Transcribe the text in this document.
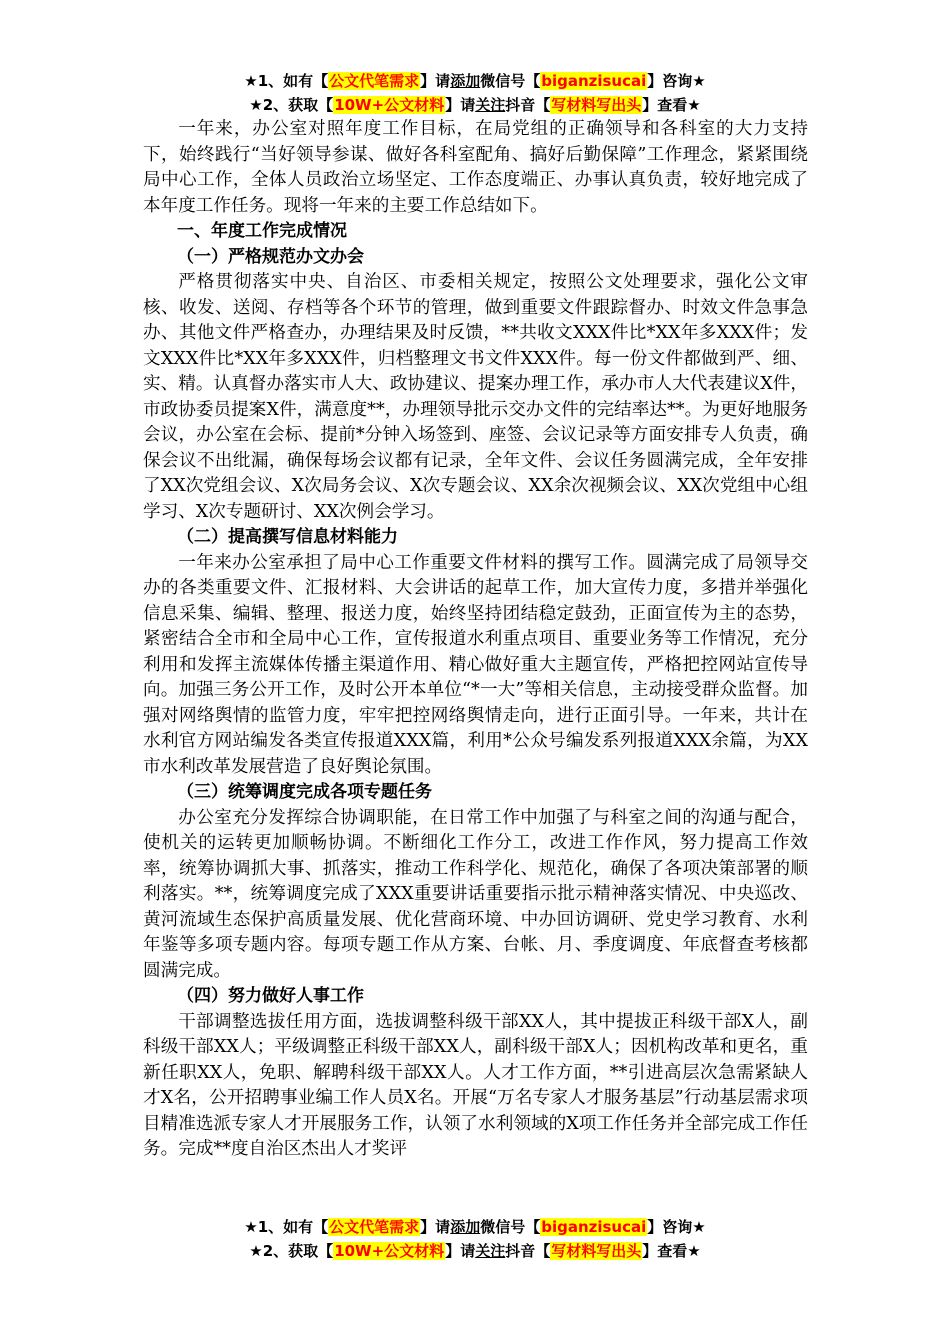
★1、如有【公文代笔需求】请添加微信号【biganzisucai】咨询★
★2、获取【10W+公文材料】请关注抖音【写材料写出头】查看★

一年来，办公室对照年度工作目标，在局党组的正确领导和各科室的大力支持下，始终践行“当好领导参谋、做好各科室配角、搞好后勤保障”工作理念，紧紧围绕局中心工作，全体人员政治立场坚定、工作态度端正、办事认真负责，较好地完成了本年度工作任务。现将一年来的主要工作总结如下。

一、年度工作完成情况

（一）严格规范办文办会

严格贯彻落实中央、自治区、市委相关规定，按照公文处理要求，强化公文审核、收发、送阅、存档等各个环节的管理，做到重要文件跟踪督办、时效文件急事急办、其他文件严格查办，办理结果及时反馈，**共收文XXX件比*XX年多XXX件；发文XXX件比*XX年多XXX件，归档整理文书文件XXX件。每一份文件都做到严、细、实、精。认真督办落实市人大、政协建议、提案办理工作，承办市人大代表建议X件，市政协委员提案X件，满意度**，办理领导批示交办文件的完结率达**。为更好地服务会议，办公室在会标、提前*分钟入场签到、座签、会议记录等方面安排专人负责，确保会议不出纰漏，确保每场会议都有记录，全年文件、会议任务圆满完成，全年安排了XX次党组会议、X次局务会议、X次专题会议、XX余次视频会议、XX次党组中心组学习、X次专题研讨、XX次例会学习。

（二）提高撰写信息材料能力

一年来办公室承担了局中心工作重要文件材料的撰写工作。圆满完成了局领导交办的各类重要文件、汇报材料、大会讲话的起草工作，加大宣传力度，多措并举强化信息采集、编辑、整理、报送力度，始终坚持团结稳定鼓劲，正面宣传为主的态势，紧密结合全市和全局中心工作，宣传报道水利重点项目、重要业务等工作情况，充分利用和发挥主流媒体传播主渠道作用、精心做好重大主题宣传，严格把控网站宣传导向。加强三务公开工作，及时公开本单位“*一大”等相关信息，主动接受群众监督。加强对网络舆情的监管力度，牢牢把控网络舆情走向，进行正面引导。一年来，共计在水利官方网站编发各类宣传报道XXX篇，利用*公众号编发系列报道XXX余篇，为XX市水利改革发展营造了良好舆论氛围。

（三）统筹调度完成各项专题任务

办公室充分发挥综合协调职能，在日常工作中加强了与科室之间的沟通与配合，使机关的运转更加顺畅协调。不断细化工作分工，改进工作作风，努力提高工作效率，统筹协调抓大事、抓落实，推动工作科学化、规范化，确保了各项决策部署的顺利落实。**，统筹调度完成了XXX重要讲话重要指示批示精神落实情况、中央巡改、黄河流域生态保护高质量发展、优化营商环境、中办回访调研、党史学习教育、水利年鉴等多项专题内容。每项专题工作从方案、台帐、月、季度调度、年底督查考核都圆满完成。

（四）努力做好人事工作

干部调整选拔任用方面，选拔调整科级干部XX人，其中提拔正科级干部X人，副科级干部XX人；平级调整正科级干部XX人，副科级干部X人；因机构改革和更名，重新任职XX人，免职、解聘科级干部XX人。人才工作方面，**引进高层次急需紧缺人才X名，公开招聘事业编工作人员X名。开展“万名专家人才服务基层”行动基层需求项目精准选派专家人才开展服务工作，认领了水利领域的X项工作任务并全部完成工作任务。完成**度自治区杰出人才奖评

★1、如有【公文代笔需求】请添加微信号【biganzisucai】咨询★
★2、获取【10W+公文材料】请关注抖音【写材料写出头】查看★
